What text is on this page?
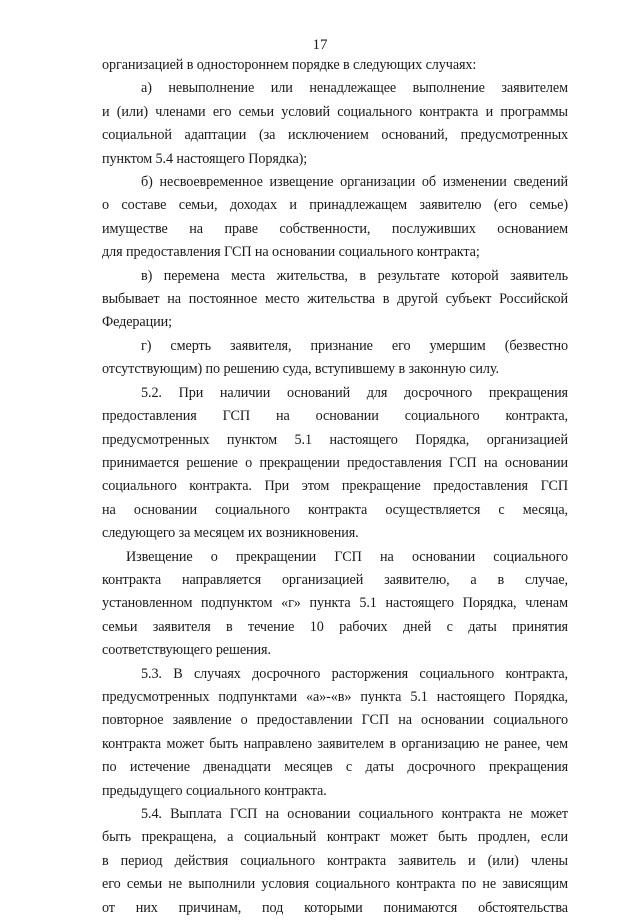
17
организацией в одностороннем порядке в следующих случаях:
а) невыполнение или ненадлежащее выполнение заявителем
и (или) членами его семьи условий социального контракта и программы
социальной адаптации (за исключением оснований, предусмотренных
пунктом 5.4 настоящего Порядка);
б) несвоевременное извещение организации об изменении сведений
о составе семьи, доходах и принадлежащем заявителю (его семье)
имуществе на праве собственности, послуживших основанием
для предоставления ГСП на основании социального контракта;
в) перемена места жительства, в результате которой заявитель
выбывает на постоянное место жительства в другой субъект Российской
Федерации;
г) смерть заявителя, признание его умершим (безвестно
отсутствующим) по решению суда, вступившему в законную силу.
5.2. При наличии оснований для досрочного прекращения
предоставления ГСП на основании социального контракта,
предусмотренных пунктом 5.1 настоящего Порядка, организацией
принимается решение о прекращении предоставления ГСП на основании
социального контракта. При этом прекращение предоставления ГСП
на основании социального контракта осуществляется с месяца,
следующего за месяцем их возникновения.
Извещение о прекращении ГСП на основании социального
контракта направляется организацией заявителю, а в случае,
установленном подпунктом «г» пункта 5.1 настоящего Порядка, членам
семьи заявителя в течение 10 рабочих дней с даты принятия
соответствующего решения.
5.3. В случаях досрочного расторжения социального контракта,
предусмотренных подпунктами «а»-«в» пункта 5.1 настоящего Порядка,
повторное заявление о предоставлении ГСП на основании социального
контракта может быть направлено заявителем в организацию не ранее, чем
по истечение двенадцати месяцев с даты досрочного прекращения
предыдущего социального контракта.
5.4. Выплата ГСП на основании социального контракта не может
быть прекращена, а социальный контракт может быть продлен, если
в период действия социального контракта заявитель и (или) члены
его семьи не выполнили условия социального контракта по не зависящим
от них причинам, под которыми понимаются обстоятельства
